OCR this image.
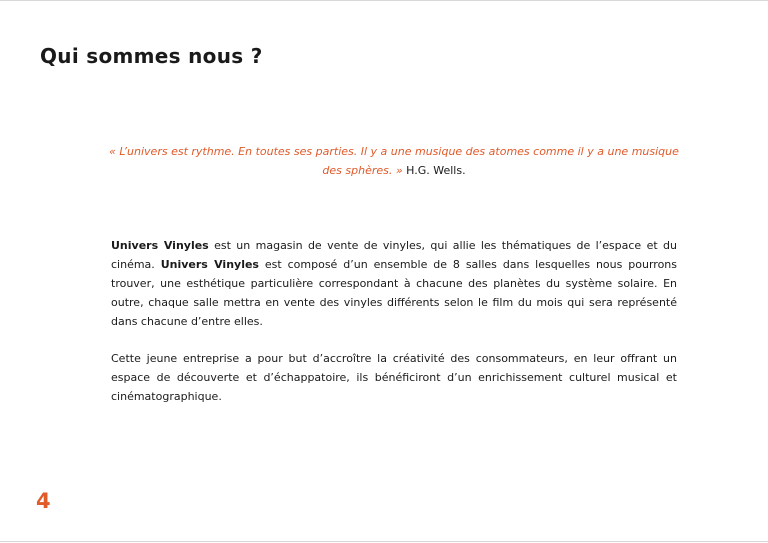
Qui sommes nous ?

« L’univers est rythme. En toutes ses parties. Il y a une musique des atomes comme il y a une musique des sphères. » H.G. Wells.

Univers Vinyles est un magasin de vente de vinyles, qui allie les thématiques de l’espace et du cinéma. Univers Vinyles est composé d’un ensemble de 8 salles dans lesquelles nous pourrons trouver, une esthétique particulière correspondant à chacune des planètes du système solaire. En outre, chaque salle mettra en vente des vinyles différents selon le film du mois qui sera représenté dans chacune d’entre elles.

Cette jeune entreprise a pour but d’accroître la créativité des consommateurs, en leur offrant un espace de découverte et d’échappatoire, ils bénéficiront d’un enrichissement culturel musical et cinématographique.

4
